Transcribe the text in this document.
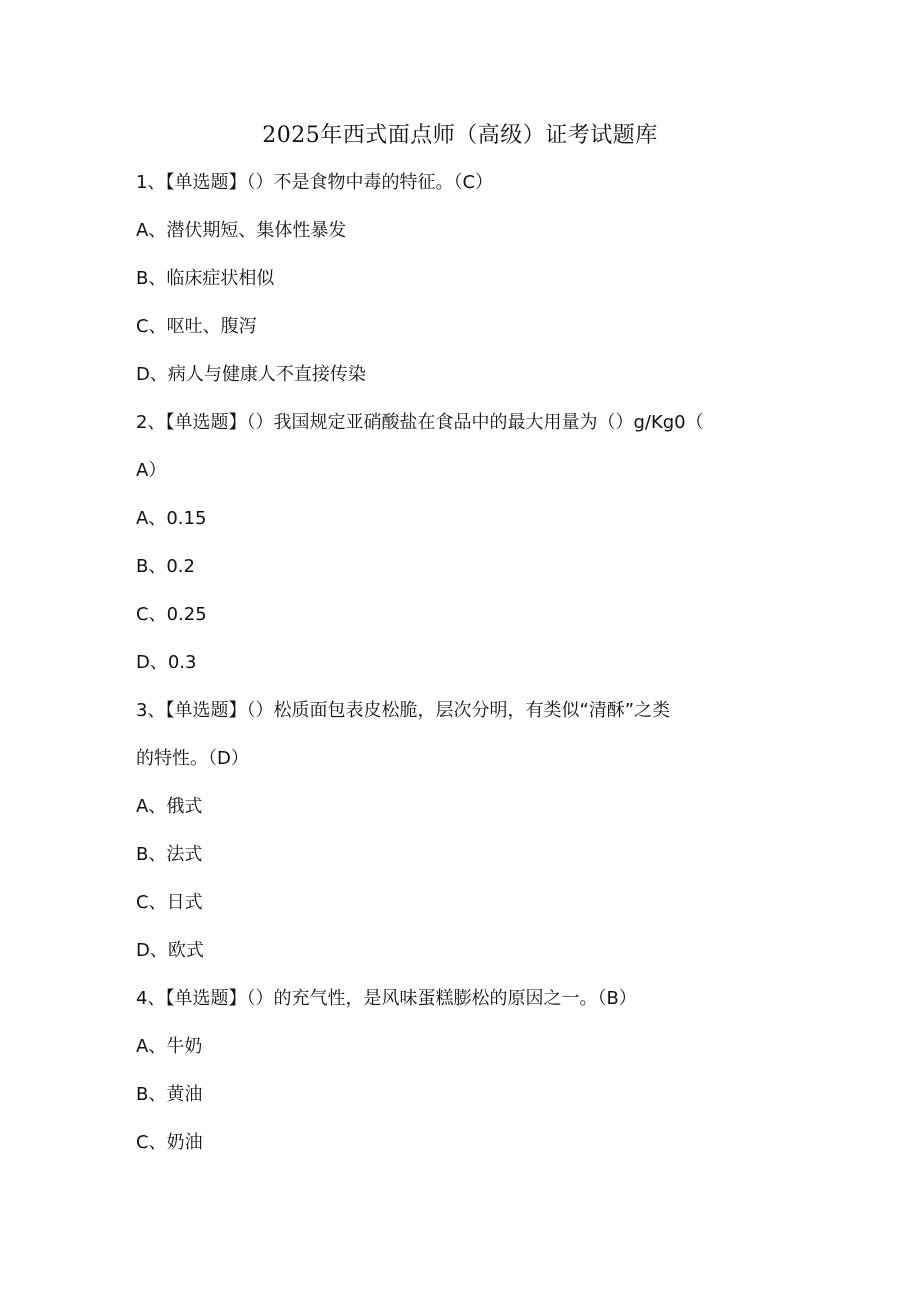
2025年西式面点师（高级）证考试题库
1、【单选题】（）不是食物中毒的特征。（C）
A、潜伏期短、集体性暴发
B、临床症状相似
C、呕吐、腹泻
D、病人与健康人不直接传染
2、【单选题】（）我国规定亚硝酸盐在食品中的最大用量为（）g/Kg0（
A）
A、0.15
B、0.2
C、0.25
D、0.3
3、【单选题】（）松质面包表皮松脆，层次分明，有类似“清酥”之类
的特性。（D）
A、俄式
B、法式
C、日式
D、欧式
4、【单选题】（）的充气性，是风味蛋糕膨松的原因之一。（B）
A、牛奶
B、黄油
C、奶油
